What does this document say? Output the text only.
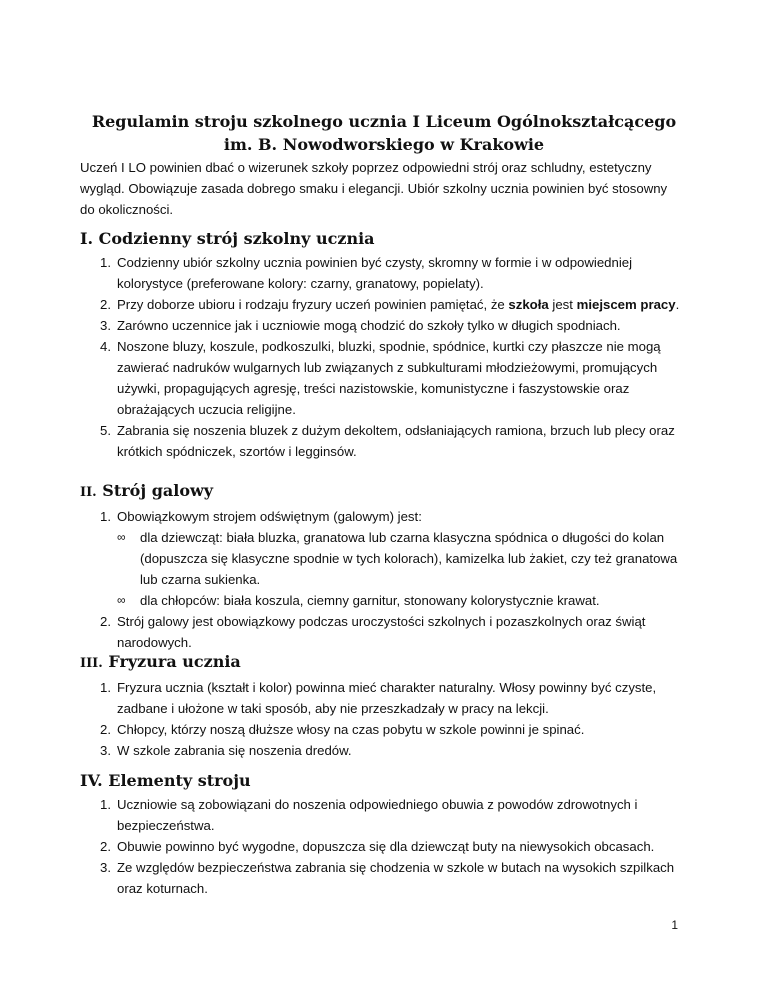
Regulamin stroju szkolnego ucznia I Liceum Ogólnokształcącego
im. B. Nowodworskiego w Krakowie
Uczeń I LO powinien dbać o wizerunek szkoły poprzez odpowiedni strój oraz schludny, estetyczny wygląd. Obowiązuje zasada dobrego smaku i elegancji. Ubiór szkolny ucznia powinien być stosowny do okoliczności.
I. Codzienny strój szkolny ucznia
1. Codzienny ubiór szkolny ucznia powinien być czysty, skromny w formie i w odpowiedniej kolorystyce (preferowane kolory: czarny, granatowy, popielaty).
2. Przy doborze ubioru i rodzaju fryzury uczeń powinien pamiętać, że szkoła jest miejscem pracy.
3. Zarówno uczennice jak i uczniowie mogą chodzić do szkoły tylko w długich spodniach.
4. Noszone bluzy, koszule, podkoszulki, bluzki, spodnie, spódnice, kurtki czy płaszcze nie mogą zawierać nadruków wulgarnych lub związanych z subkulturami młodzieżowymi, promujących używki, propagujących agresję, treści nazistowskie, komunistyczne i faszystowskie oraz obrażających uczucia religijne.
5. Zabrania się noszenia bluzek z dużym dekoltem, odsłaniających ramiona, brzuch lub plecy oraz krótkich spódniczek, szortów i legginsów.
II. Strój galowy
1. Obowiązkowym strojem odświętnym (galowym) jest:
∞ dla dziewcząt: biała bluzka, granatowa lub czarna klasyczna spódnica o długości do kolan (dopuszcza się klasyczne spodnie w tych kolorach), kamizelka lub żakiet, czy też granatowa lub czarna sukienka.
∞ dla chłopców: biała koszula, ciemny garnitur, stonowany kolorystycznie krawat.
2. Strój galowy jest obowiązkowy podczas uroczystości szkolnych i pozaszkolnych oraz świąt narodowych.
III. Fryzura ucznia
1. Fryzura ucznia (kształt i kolor) powinna mieć charakter naturalny. Włosy powinny być czyste, zadbane i ułożone w taki sposób, aby nie przeszkadzały w pracy na lekcji.
2. Chłopcy, którzy noszą dłuższe włosy na czas pobytu w szkole powinni je spinać.
3. W szkole zabrania się noszenia dredów.
IV. Elementy stroju
1. Uczniowie są zobowiązani do noszenia odpowiedniego obuwia z powodów zdrowotnych i bezpieczeństwa.
2. Obuwie powinno być wygodne, dopuszcza się dla dziewcząt buty na niewysokich obcasach.
3. Ze względów bezpieczeństwa zabrania się chodzenia w szkole w butach na wysokich szpilkach oraz koturnach.
1
